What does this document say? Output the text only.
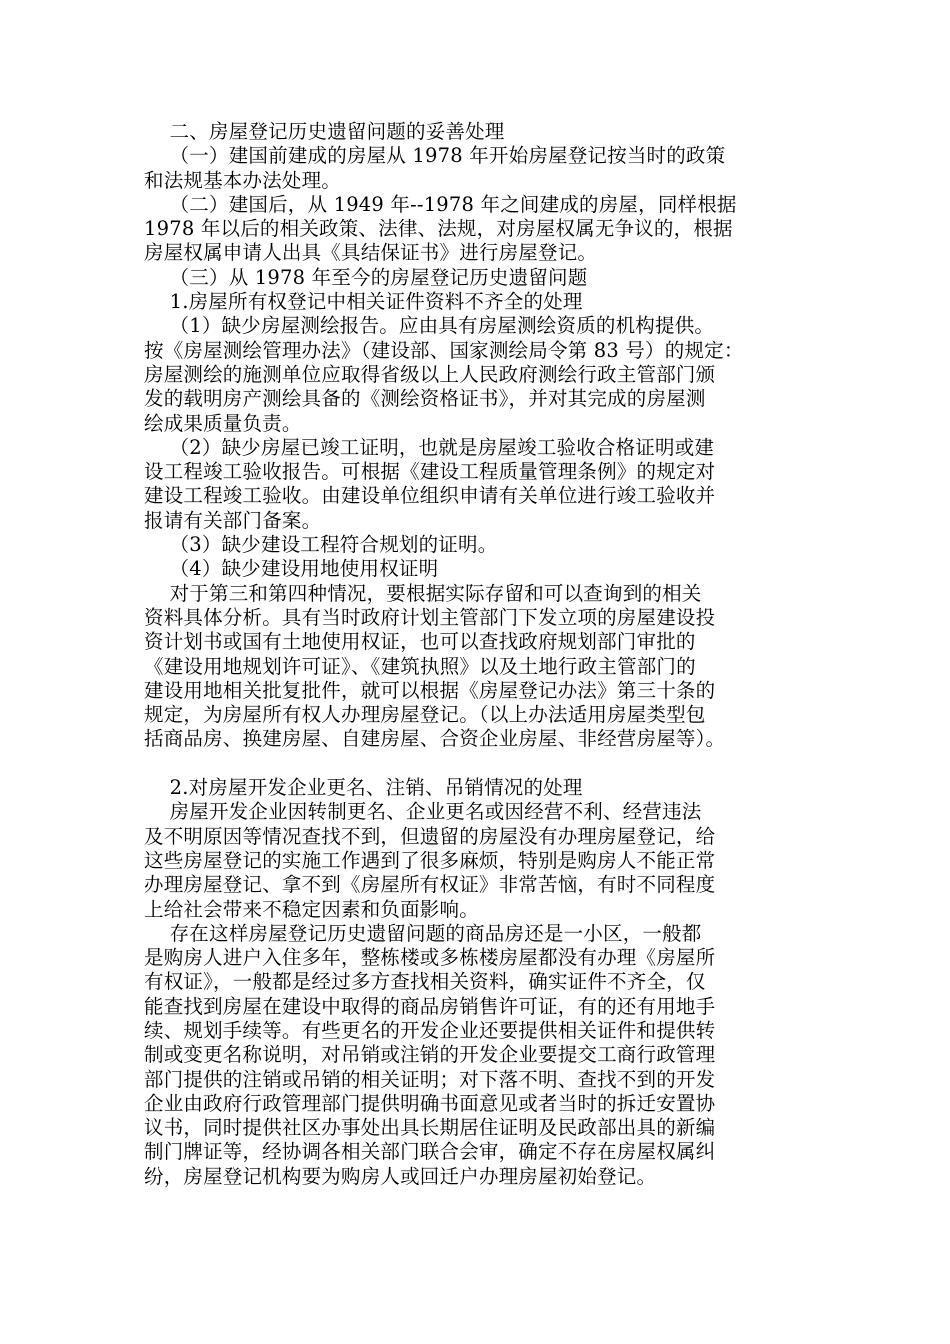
二、房屋登记历史遗留问题的妥善处理
（一）建国前建成的房屋从 1978 年开始房屋登记按当时的政策
和法规基本办法处理。
（二）建国后，从 1949 年--1978 年之间建成的房屋，同样根据
1978 年以后的相关政策、法律、法规，对房屋权属无争议的，根据
房屋权属申请人出具《具结保证书》进行房屋登记。
（三）从 1978 年至今的房屋登记历史遗留问题
1.房屋所有权登记中相关证件资料不齐全的处理
（1）缺少房屋测绘报告。应由具有房屋测绘资质的机构提供。
按《房屋测绘管理办法》（建设部、国家测绘局令第 83 号）的规定：
房屋测绘的施测单位应取得省级以上人民政府测绘行政主管部门颁
发的载明房产测绘具备的《测绘资格证书》，并对其完成的房屋测
绘成果质量负责。
（2）缺少房屋已竣工证明，也就是房屋竣工验收合格证明或建
设工程竣工验收报告。可根据《建设工程质量管理条例》的规定对
建设工程竣工验收。由建设单位组织申请有关单位进行竣工验收并
报请有关部门备案。
（3）缺少建设工程符合规划的证明。
（4）缺少建设用地使用权证明
对于第三和第四种情况，要根据实际存留和可以查询到的相关
资料具体分析。具有当时政府计划主管部门下发立项的房屋建设投
资计划书或国有土地使用权证，也可以查找政府规划部门审批的
《建设用地规划许可证》、《建筑执照》以及土地行政主管部门的
建设用地相关批复批件，就可以根据《房屋登记办法》第三十条的
规定，为房屋所有权人办理房屋登记。（以上办法适用房屋类型包
括商品房、换建房屋、自建房屋、合资企业房屋、非经营房屋等）。
2.对房屋开发企业更名、注销、吊销情况的处理
房屋开发企业因转制更名、企业更名或因经营不利、经营违法
及不明原因等情况查找不到，但遗留的房屋没有办理房屋登记，给
这些房屋登记的实施工作遇到了很多麻烦，特别是购房人不能正常
办理房屋登记、拿不到《房屋所有权证》非常苦恼，有时不同程度
上给社会带来不稳定因素和负面影响。
存在这样房屋登记历史遗留问题的商品房还是一小区，一般都
是购房人进户入住多年，整栋楼或多栋楼房屋都没有办理《房屋所
有权证》，一般都是经过多方查找相关资料，确实证件不齐全，仅
能查找到房屋在建设中取得的商品房销售许可证，有的还有用地手
续、规划手续等。有些更名的开发企业还要提供相关证件和提供转
制或变更名称说明，对吊销或注销的开发企业要提交工商行政管理
部门提供的注销或吊销的相关证明；对下落不明、查找不到的开发
企业由政府行政管理部门提供明确书面意见或者当时的拆迁安置协
议书，同时提供社区办事处出具长期居住证明及民政部出具的新编
制门牌证等，经协调各相关部门联合会审，确定不存在房屋权属纠
纷，房屋登记机构要为购房人或回迁户办理房屋初始登记。
